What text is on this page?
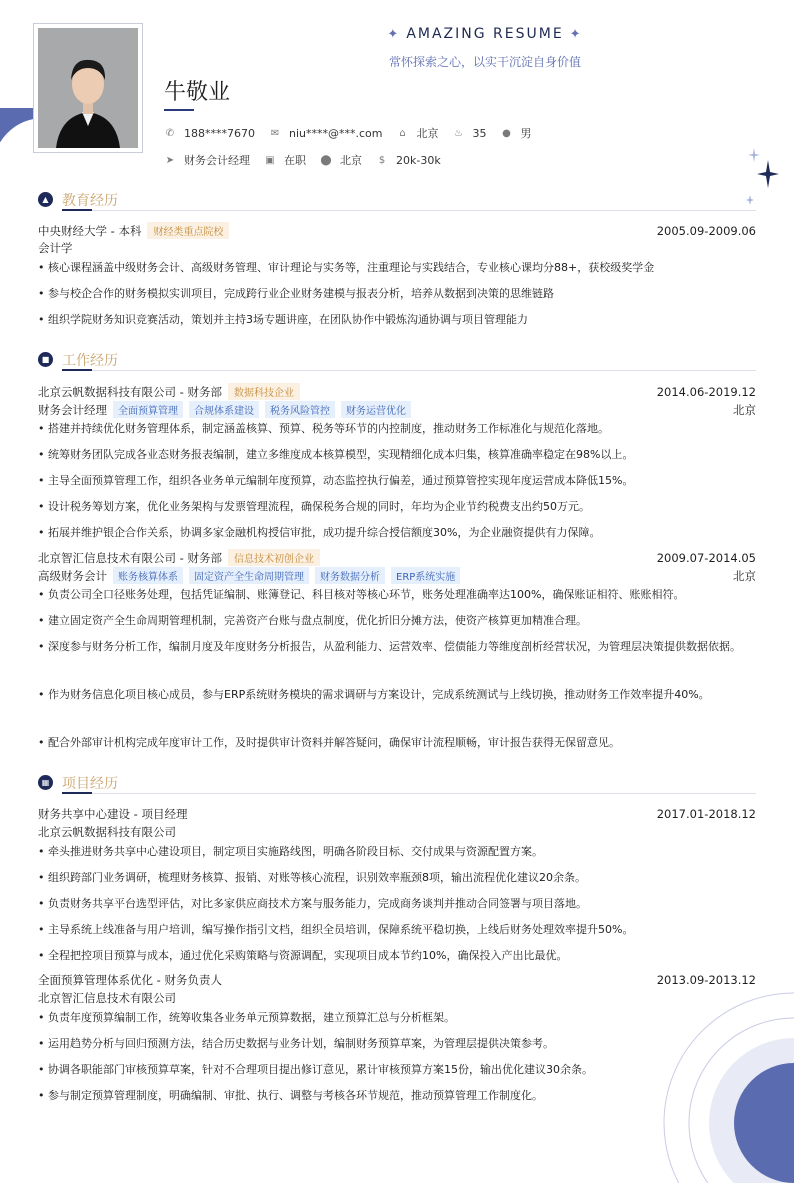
✦ AMAZING RESUME ✦
常怀探索之心，以实干沉淀自身价值
牛敬业
✆ 188****7670 ✉ niu****@***.com ⌂ 北京 ♨ 35 ● 男
➤ 财务会计经理 ▣ 在职 ⬤ 北京 $ 20k-30k
▲ 教育经历
中央财经大学 - 本科	财经类重点院校	2005.09-2009.06
会计学
• 核心课程涵盖中级财务会计、高级财务管理、审计理论与实务等，注重理论与实践结合，专业核心课均分88+，获校级奖学金
• 参与校企合作的财务模拟实训项目，完成跨行业企业财务建模与报表分析，培养从数据到决策的思维链路
• 组织学院财务知识竞赛活动，策划并主持3场专题讲座，在团队协作中锻炼沟通协调与项目管理能力
■ 工作经历
北京云帆数据科技有限公司 - 财务部	数据科技企业	2014.06-2019.12
财务会计经理	全面预算管理	合规体系建设	税务风险管控	财务运营优化	北京
• 搭建并持续优化财务管理体系，制定涵盖核算、预算、税务等环节的内控制度，推动财务工作标准化与规范化落地。
• 统筹财务团队完成各业态财务报表编制，建立多维度成本核算模型，实现精细化成本归集，核算准确率稳定在98%以上。
• 主导全面预算管理工作，组织各业务单元编制年度预算，动态监控执行偏差，通过预算管控实现年度运营成本降低15%。
• 设计税务筹划方案，优化业务架构与发票管理流程，确保税务合规的同时，年均为企业节约税费支出约50万元。
• 拓展并维护银企合作关系，协调多家金融机构授信审批，成功提升综合授信额度30%，为企业融资提供有力保障。
北京智汇信息技术有限公司 - 财务部	信息技术初创企业	2009.07-2014.05
高级财务会计	账务核算体系	固定资产全生命周期管理	财务数据分析	ERP系统实施	北京
• 负责公司全口径账务处理，包括凭证编制、账簿登记、科目核对等核心环节，账务处理准确率达100%，确保账证相符、账账相符。
• 建立固定资产全生命周期管理机制，完善资产台账与盘点制度，优化折旧分摊方法，使资产核算更加精准合理。
• 深度参与财务分析工作，编制月度及年度财务分析报告，从盈利能力、运营效率、偿债能力等维度剖析经营状况，为管理层决策提供数据依据。
• 作为财务信息化项目核心成员，参与ERP系统财务模块的需求调研与方案设计，完成系统测试与上线切换，推动财务工作效率提升40%。
• 配合外部审计机构完成年度审计工作，及时提供审计资料并解答疑问，确保审计流程顺畅，审计报告获得无保留意见。
▦ 项目经历
财务共享中心建设 - 项目经理	2017.01-2018.12
北京云帆数据科技有限公司
• 牵头推进财务共享中心建设项目，制定项目实施路线图，明确各阶段目标、交付成果与资源配置方案。
• 组织跨部门业务调研，梳理财务核算、报销、对账等核心流程，识别效率瓶颈8项，输出流程优化建议20余条。
• 负责财务共享平台选型评估，对比多家供应商技术方案与服务能力，完成商务谈判并推动合同签署与项目落地。
• 主导系统上线准备与用户培训，编写操作指引文档，组织全员培训，保障系统平稳切换，上线后财务处理效率提升50%。
• 全程把控项目预算与成本，通过优化采购策略与资源调配，实现项目成本节约10%，确保投入产出比最优。
全面预算管理体系优化 - 财务负责人	2013.09-2013.12
北京智汇信息技术有限公司
• 负责年度预算编制工作，统筹收集各业务单元预算数据，建立预算汇总与分析框架。
• 运用趋势分析与回归预测方法，结合历史数据与业务计划，编制财务预算草案，为管理层提供决策参考。
• 协调各职能部门审核预算草案，针对不合理项目提出修订意见，累计审核预算方案15份，输出优化建议30余条。
• 参与制定预算管理制度，明确编制、审批、执行、调整与考核各环节规范，推动预算管理工作制度化。
